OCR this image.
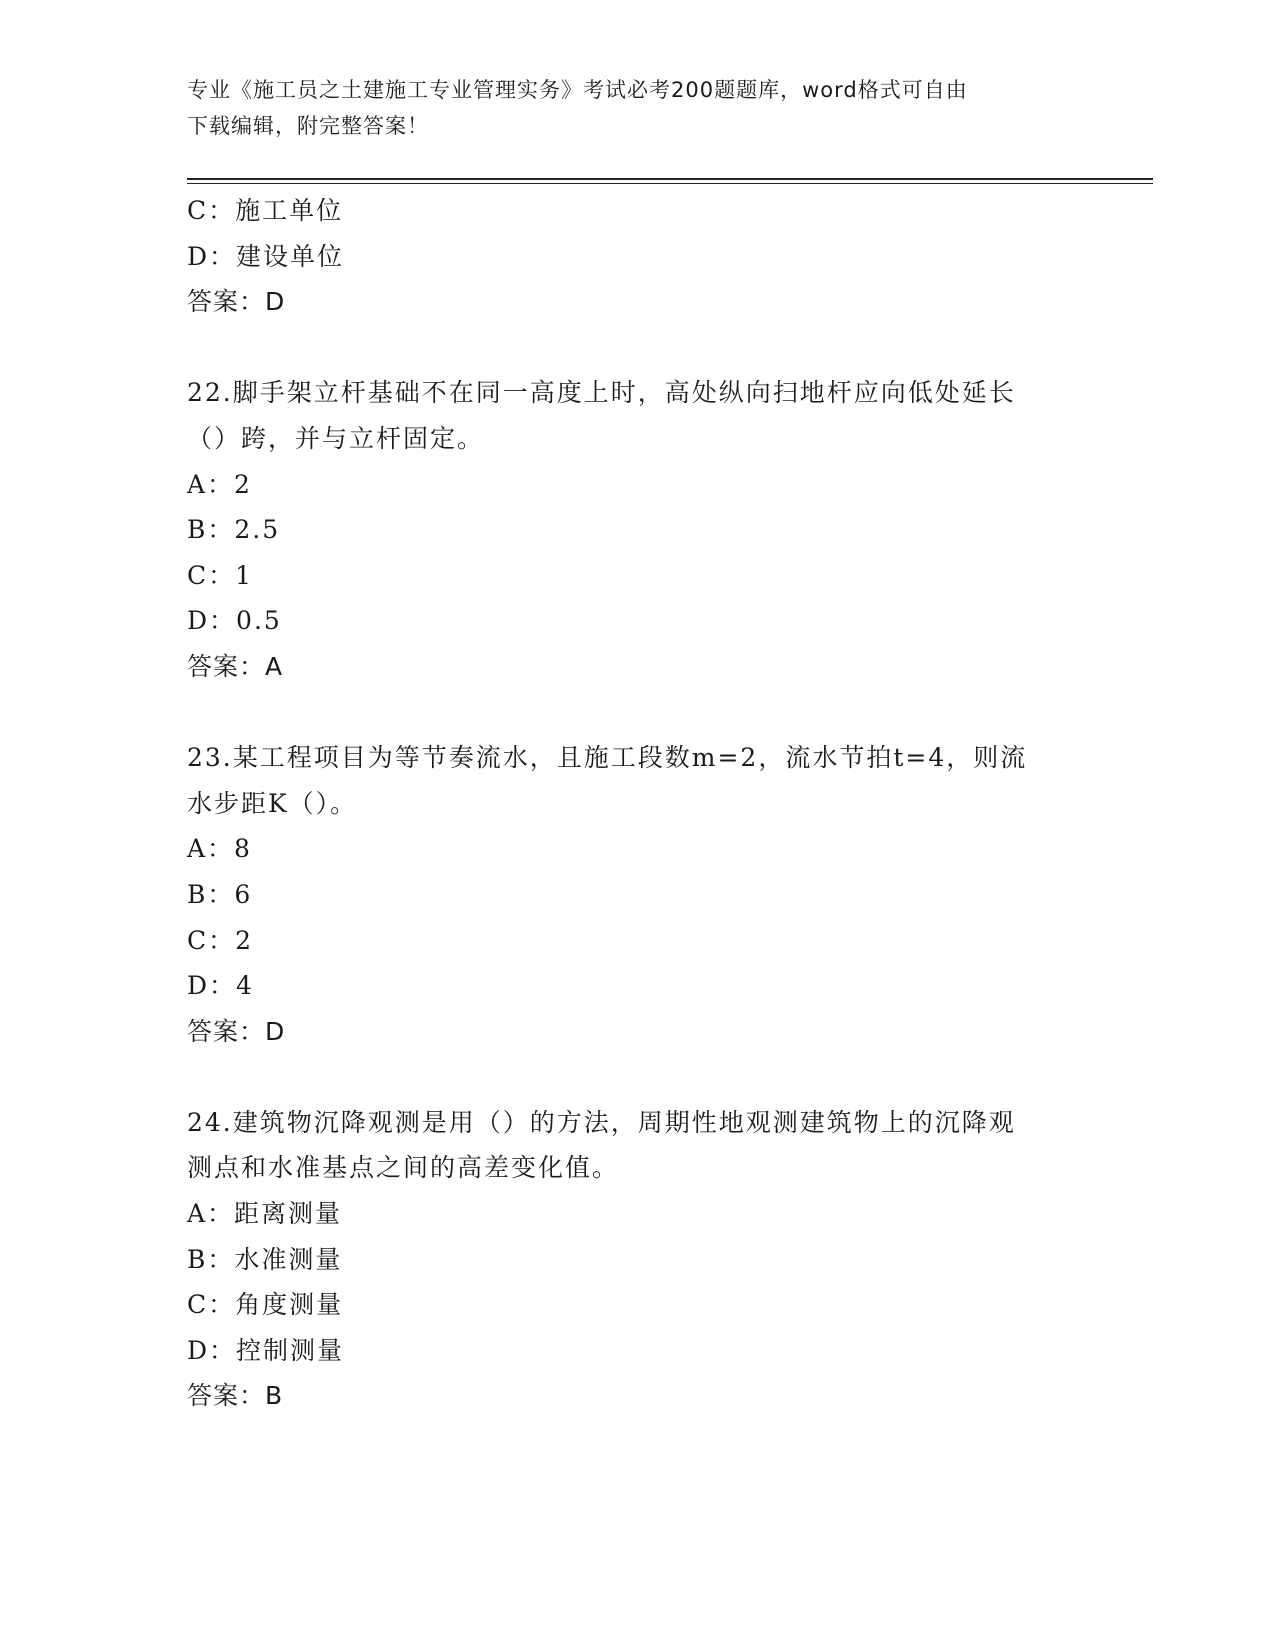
专业《施工员之土建施工专业管理实务》考试必考200题题库，word格式可自由
下载编辑，附完整答案！
C：施工单位
D：建设单位
答案：D
22.脚手架立杆基础不在同一高度上时，高处纵向扫地杆应向低处延长
（）跨，并与立杆固定。
A：2
B：2.5
C：1
D：0.5
答案：A
23.某工程项目为等节奏流水，且施工段数m=2，流水节拍t=4，则流
水步距K（）。
A：8
B：6
C：2
D：4
答案：D
24.建筑物沉降观测是用（）的方法，周期性地观测建筑物上的沉降观
测点和水准基点之间的高差变化值。
A：距离测量
B：水准测量
C：角度测量
D：控制测量
答案：B
